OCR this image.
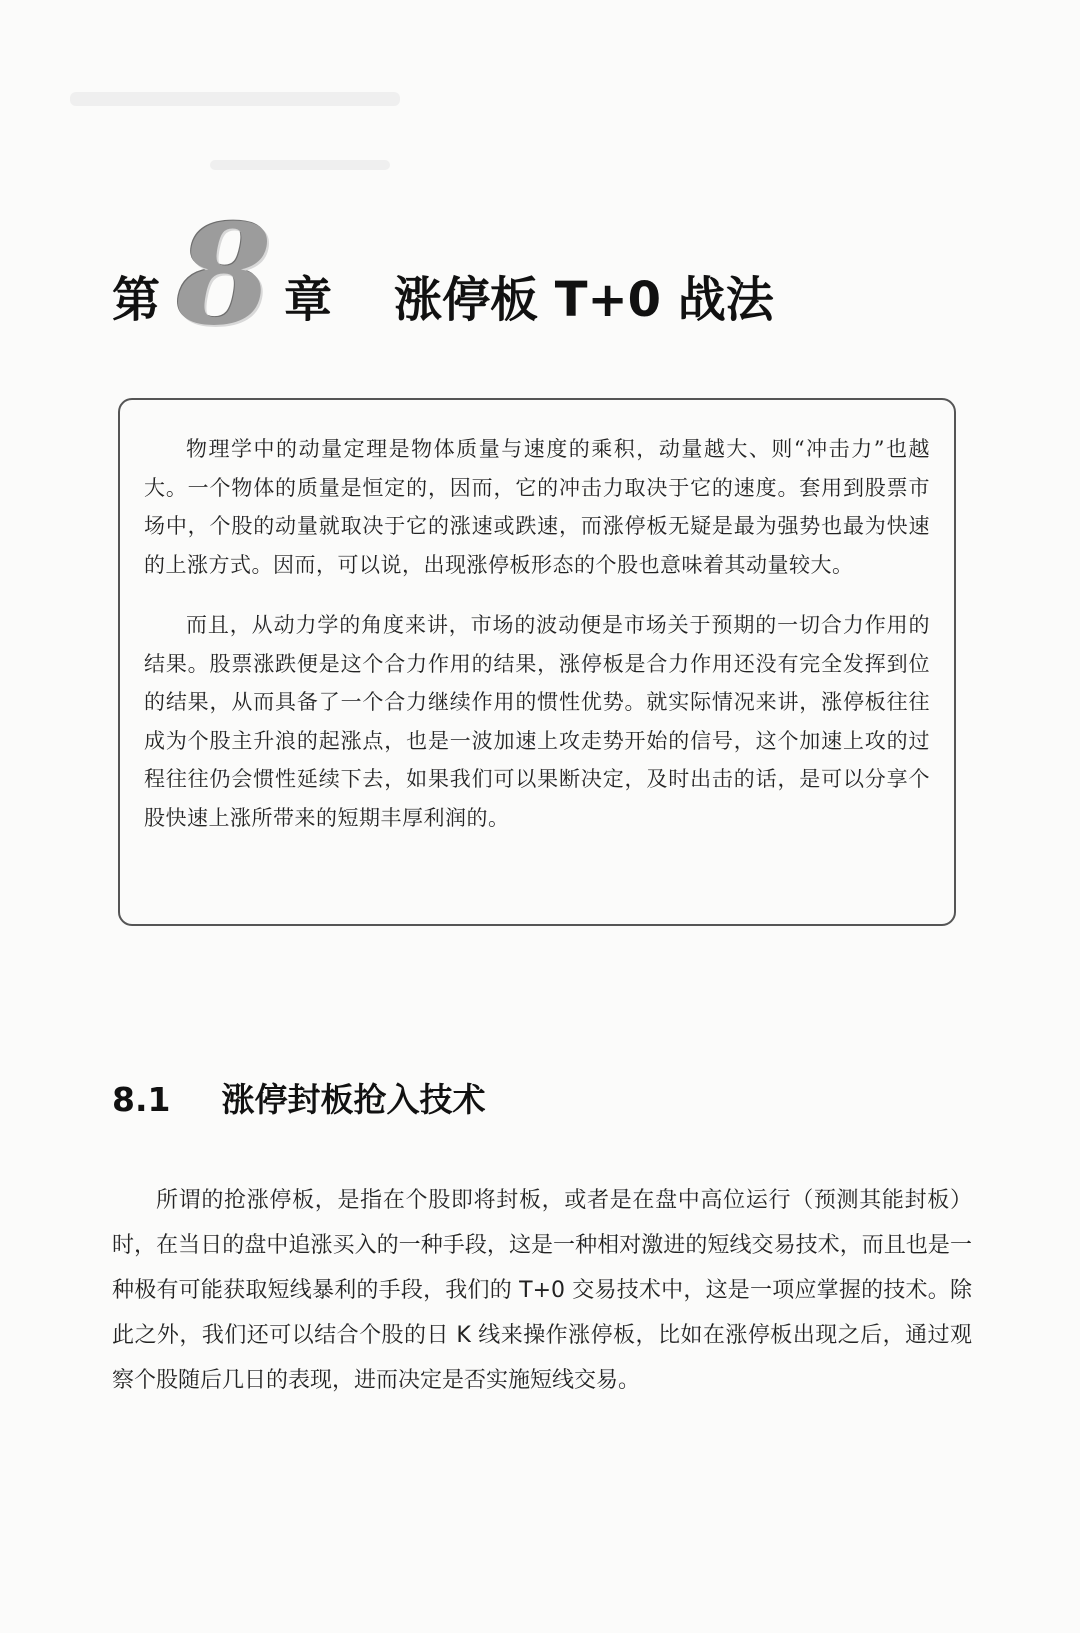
第 8 章 涨停板 T+0 战法

物理学中的动量定理是物体质量与速度的乘积，动量越大、则“冲击力”也越大。一个物体的质量是恒定的，因而，它的冲击力取决于它的速度。套用到股票市场中，个股的动量就取决于它的涨速或跌速，而涨停板无疑是最为强势也最为快速的上涨方式。因而，可以说，出现涨停板形态的个股也意味着其动量较大。

而且，从动力学的角度来讲，市场的波动便是市场关于预期的一切合力作用的结果。股票涨跌便是这个合力作用的结果，涨停板是合力作用还没有完全发挥到位的结果，从而具备了一个合力继续作用的惯性优势。就实际情况来讲，涨停板往往成为个股主升浪的起涨点，也是一波加速上攻走势开始的信号，这个加速上攻的过程往往仍会惯性延续下去，如果我们可以果断决定，及时出击的话，是可以分享个股快速上涨所带来的短期丰厚利润的。

8.1 涨停封板抢入技术

所谓的抢涨停板，是指在个股即将封板，或者是在盘中高位运行（预测其能封板）时，在当日的盘中追涨买入的一种手段，这是一种相对激进的短线交易技术，而且也是一种极有可能获取短线暴利的手段，我们的 T+0 交易技术中，这是一项应掌握的技术。除此之外，我们还可以结合个股的日 K 线来操作涨停板，比如在涨停板出现之后，通过观察个股随后几日的表现，进而决定是否实施短线交易。
